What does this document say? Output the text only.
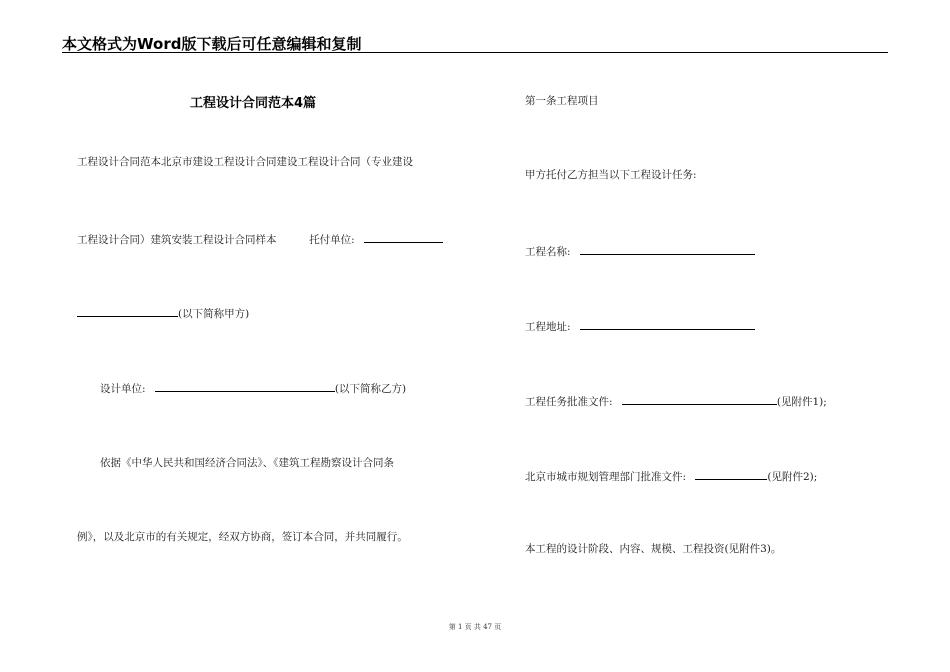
本文格式为Word版下载后可任意编辑和复制
工程设计合同范本4篇
工程设计合同范本北京市建设工程设计合同建设工程设计合同（专业建设
工程设计合同）建筑安装工程设计合同样本	托付单位:
(以下简称甲方)
设计单位:	(以下简称乙方)
依据《中华人民共和国经济合同法》、《建筑工程勘察设计合同条
例》，以及北京市的有关规定，经双方协商，签订本合同，并共同履行。
第一条工程项目
甲方托付乙方担当以下工程设计任务:
工程名称:
工程地址:
工程任务批准文件:	(见附件1);
北京市城市规划管理部门批准文件:	(见附件2);
本工程的设计阶段、内容、规模、工程投资(见附件3)。
第 1 页 共 47 页
